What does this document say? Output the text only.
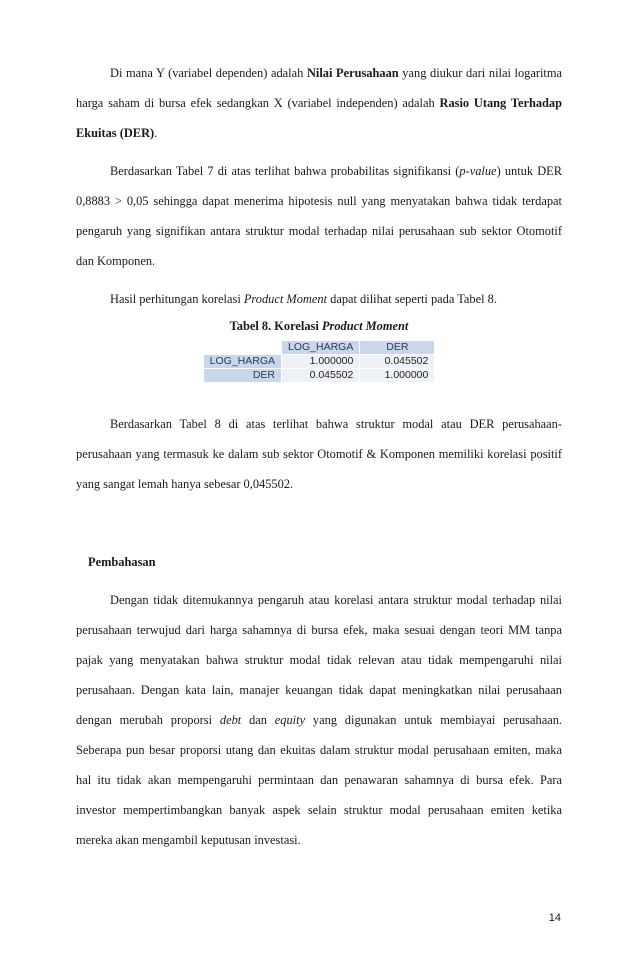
Di mana Y (variabel dependen) adalah Nilai Perusahaan yang diukur dari nilai logaritma harga saham di bursa efek sedangkan X (variabel independen) adalah Rasio Utang Terhadap Ekuitas (DER).

Berdasarkan Tabel 7 di atas terlihat bahwa probabilitas signifikansi (p-value) untuk DER 0,8883 > 0,05 sehingga dapat menerima hipotesis null yang menyatakan bahwa tidak terdapat pengaruh yang signifikan antara struktur modal terhadap nilai perusahaan sub sektor Otomotif dan Komponen.

Hasil perhitungan korelasi Product Moment dapat dilihat seperti pada Tabel 8.

Tabel 8. Korelasi Product Moment

	LOG_HARGA	DER
LOG_HARGA	1.000000	0.045502
DER	0.045502	1.000000

Berdasarkan Tabel 8 di atas terlihat bahwa struktur modal atau DER perusahaan-perusahaan yang termasuk ke dalam sub sektor Otomotif & Komponen memiliki korelasi positif yang sangat lemah hanya sebesar 0,045502.

Pembahasan

Dengan tidak ditemukannya pengaruh atau korelasi antara struktur modal terhadap nilai perusahaan terwujud dari harga sahamnya di bursa efek, maka sesuai dengan teori MM tanpa pajak yang menyatakan bahwa struktur modal tidak relevan atau tidak mempengaruhi nilai perusahaan. Dengan kata lain, manajer keuangan tidak dapat meningkatkan nilai perusahaan dengan merubah proporsi debt dan equity yang digunakan untuk membiayai perusahaan. Seberapa pun besar proporsi utang dan ekuitas dalam struktur modal perusahaan emiten, maka hal itu tidak akan mempengaruhi permintaan dan penawaran sahamnya di bursa efek. Para investor mempertimbangkan banyak aspek selain struktur modal perusahaan emiten ketika mereka akan mengambil keputusan investasi.

14
